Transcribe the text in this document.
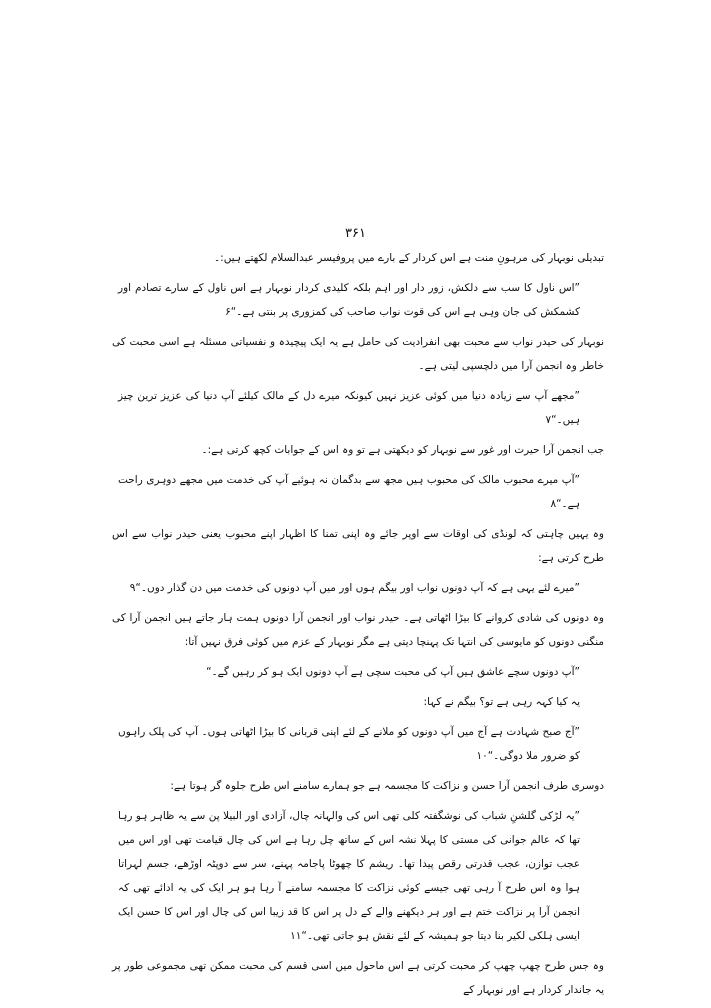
۳۶۱

تبدیلی نوبہار کی مرہونِ منت ہے اس کردار کے بارے میں پروفیسر عبدالسلام لکھتے ہیں:۔

”اس ناول کا سب سے دلکش، زور دار اور اہم بلکہ کلیدی کردار نوبہار ہے اس ناول کے سارے تصادم اور کشمکش کی جان وہی ہے اس کی قوت نواب صاحب کی کمزوری پر بنتی ہے۔“۶

نوبہار کی حیدر نواب سے محبت بھی انفرادیت کی حامل ہے یہ ایک پیچیدہ و نفسیاتی مسئلہ ہے اسی محبت کی خاطر وہ انجمن آرا میں دلچسپی لیتی ہے۔

”مجھے آپ سے زیادہ دنیا میں کوئی عزیز نہیں کیونکہ میرے دل کے مالک کیلئے آپ دنیا کی عزیز ترین چیز ہیں۔“۷

جب انجمن آرا حیرت اور غور سے نوبہار کو دیکھتی ہے تو وہ اس کے جوابات کچھ کرتی ہے:۔

”آپ میرے محبوب مالک کی محبوب ہیں مجھ سے بدگمان نہ ہوئیے آپ کی خدمت میں مجھے دوہری راحت ہے۔“۸

وہ یہیں چاہتی کہ لونڈی کی اوقات سے اوپر جائے وہ اپنی تمنا کا اظہار اپنے محبوب یعنی حیدر نواب سے اس طرح کرتی ہے:

”میرے لئے یہی ہے کہ آپ دونوں نواب اور بیگم ہوں اور میں آپ دونوں کی خدمت میں دن گذار دوں۔“۹

وہ دونوں کی شادی کروانے کا بیڑا اٹھاتی ہے۔ حیدر نواب اور انجمن آرا دونوں ہمت ہار جاتے ہیں انجمن آرا کی منگنی دونوں کو مایوسی کی انتہا تک پہنچا دیتی ہے مگر نوبہار کے عزم میں کوئی فرق نہیں آتا:

”آپ دونوں سچے عاشق ہیں آپ کی محبت سچی ہے آپ دونوں ایک ہو کر رہیں گے۔“

یہ کیا کہہ رہی ہے تو؟ بیگم نے کہا:

”آج صبح شہادت ہے آج میں آپ دونوں کو ملانے کے لئے اپنی قربانی کا بیڑا اٹھاتی ہوں۔ آپ کی پلک راہوں کو ضرور ملا دوگی۔“۱۰

دوسری طرف انجمن آرا حسن و نزاکت کا مجسمہ ہے جو ہمارے سامنے اس طرح جلوہ گر ہوتا ہے:

”یہ لڑکی گلشنِ شباب کی نوشگفتہ کلی تھی اس کی والہانہ چال، آزادی اور البیلا پن سے یہ ظاہر ہو رہا تھا کہ عالم جوانی کی مستی کا پہلا نشہ اس کے ساتھ چل رہا ہے اس کی چال قیامت تھی اور اس میں عجب توازن، عجب قدرتی رقص پیدا تھا۔ ریشم کا چھوٹا پاجامہ پہنے، سر سے دوپٹہ اوڑھے، جسم لہراتا ہوا وہ اس طرح آ رہی تھی جیسے کوئی نزاکت کا مجسمہ سامنے آ رہا ہو ہر ایک کی یہ ادائے تھی کہ انجمن آرا پر نزاکت ختم ہے اور ہر دیکھنے والے کے دل پر اس کا قد زیبا اس کی چال اور اس کا حسن ایک ایسی ہلکی لکیر بنا دیتا جو ہمیشہ کے لئے نقش ہو جاتی تھی۔“۱۱

وہ جس طرح چھپ چھپ کر محبت کرتی ہے اس ماحول میں اسی قسم کی محبت ممکن تھی مجموعی طور پر یہ جاندار کردار ہے اور نوبہار کے
